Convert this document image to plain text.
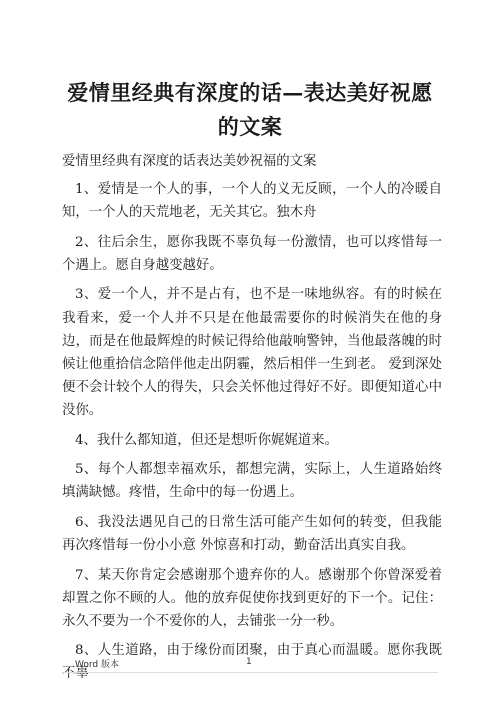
爱情里经典有深度的话—表达美好祝愿的文案

爱情里经典有深度的话表达美妙祝福的文案

1、爱情是一个人的事，一个人的义无反顾，一个人的冷暖自知，一个人的天荒地老，无关其它。独木舟

2、往后余生，愿你我既不辜负每一份激情，也可以疼惜每一个遇上。愿自身越变越好。

3、爱一个人，并不是占有，也不是一味地纵容。有的时候在我看来，爱一个人并不只是在他最需要你的时候消失在他的身边，而是在他最辉煌的时候记得给他敲响警钟，当他最落魄的时候让他重拾信念陪伴他走出阴霾，然后相伴一生到老。 爱到深处便不会计较个人的得失，只会关怀他过得好不好。即便知道心中没你。

4、我什么都知道，但还是想听你娓娓道来。

5、每个人都想幸福欢乐，都想完满，实际上，人生道路始终填满缺憾。疼惜，生命中的每一份遇上。

6、我没法遇见自己的日常生活可能产生如何的转变，但我能再次疼惜每一份小小意 外惊喜和打动，勤奋活出真实自我。

7、某天你肯定会感谢那个遗弃你的人。感谢那个你曾深爱着却置之你不顾的人。他的放弃促使你找到更好的下一个。记住：永久不要为一个不爱你的人，去铺张一分一秒。

8、人生道路，由于缘份而团聚，由于真心而温暖。愿你我既不辜

Word 版本	1
